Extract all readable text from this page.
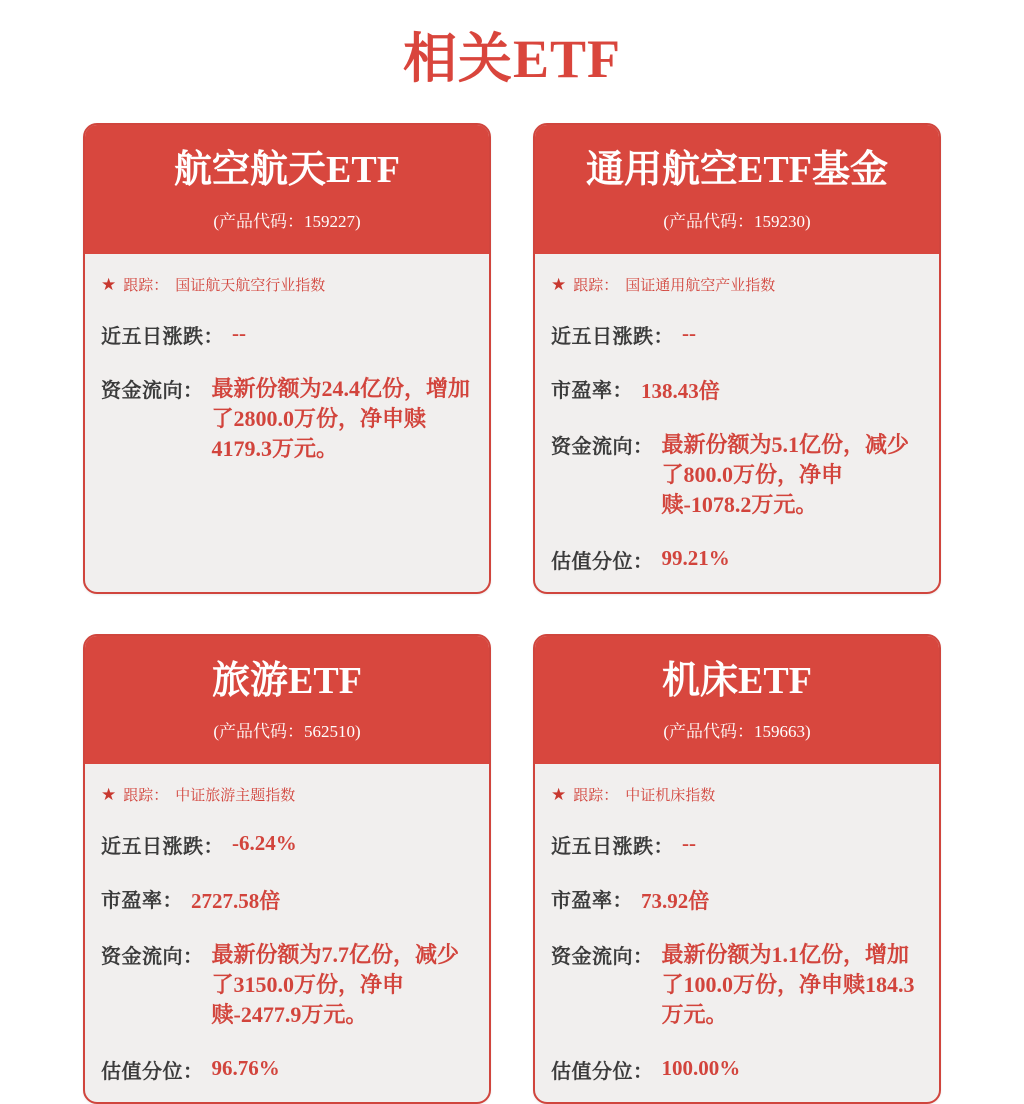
相关ETF
航空航天ETF
(产品代码：159227)
★ 跟踪： 国证航天航空行业指数
近五日涨跌： --
资金流向： 最新份额为24.4亿份，增加了2800.0万份，净申赎4179.3万元。
通用航空ETF基金
(产品代码：159230)
★ 跟踪： 国证通用航空产业指数
近五日涨跌： --
市盈率： 138.43倍
资金流向： 最新份额为5.1亿份，减少了800.0万份，净申赎-1078.2万元。
估值分位： 99.21%
旅游ETF
(产品代码：562510)
★ 跟踪： 中证旅游主题指数
近五日涨跌： -6.24%
市盈率： 2727.58倍
资金流向： 最新份额为7.7亿份，减少了3150.0万份，净申赎-2477.9万元。
估值分位： 96.76%
机床ETF
(产品代码：159663)
★ 跟踪： 中证机床指数
近五日涨跌： --
市盈率： 73.92倍
资金流向： 最新份额为1.1亿份，增加了100.0万份，净申赎184.3万元。
估值分位： 100.00%
